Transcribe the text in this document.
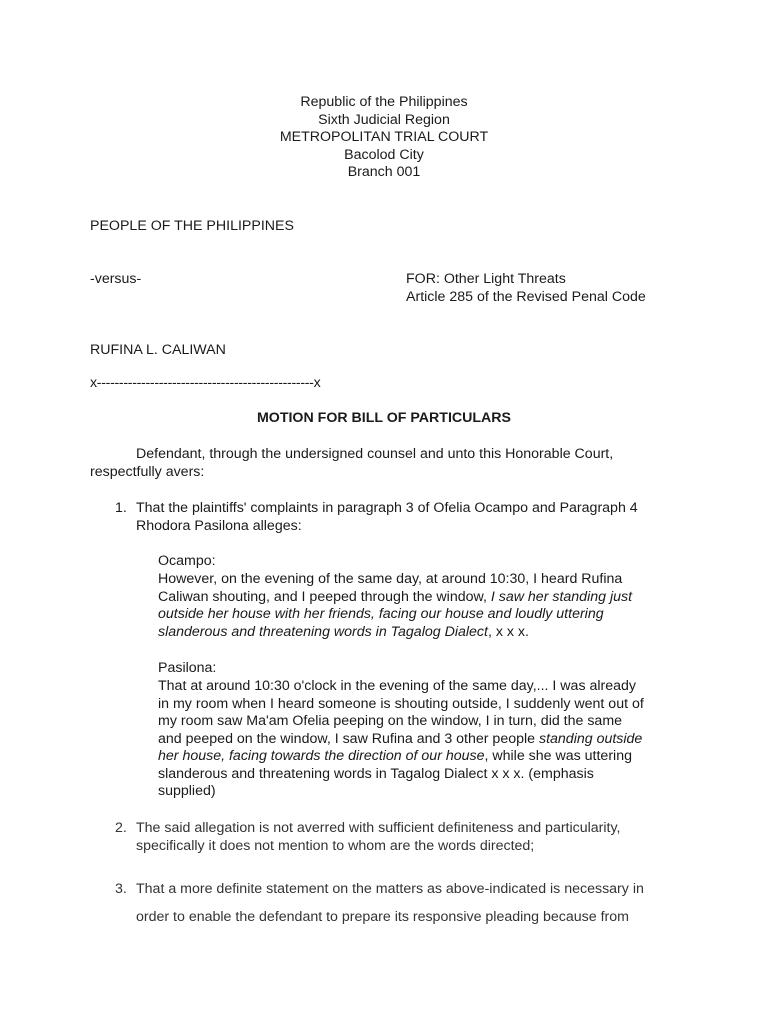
Republic of the Philippines
Sixth Judicial Region
METROPOLITAN TRIAL COURT
Bacolod City
Branch 001
PEOPLE OF THE PHILIPPINES
-versus-	FOR: Other Light Threats
Article 285 of the Revised Penal Code
RUFINA L. CALIWAN
x-------------------------------------------------x
MOTION FOR BILL OF PARTICULARS
Defendant, through the undersigned counsel and unto this Honorable Court,
respectfully avers:
1. That the plaintiffs' complaints in paragraph 3 of Ofelia Ocampo and Paragraph 4
Rhodora Pasilona alleges:
Ocampo:
However, on the evening of the same day, at around 10:30, I heard Rufina
Caliwan shouting, and I peeped through the window, I saw her standing just
outside her house with her friends, facing our house and loudly uttering
slanderous and threatening words in Tagalog Dialect, x x x.
Pasilona:
That at around 10:30 o'clock in the evening of the same day,... I was already
in my room when I heard someone is shouting outside, I suddenly went out of
my room saw Ma'am Ofelia peeping on the window, I in turn, did the same
and peeped on the window, I saw Rufina and 3 other people standing outside
her house, facing towards the direction of our house, while she was uttering
slanderous and threatening words in Tagalog Dialect x x x. (emphasis
supplied)
2. The said allegation is not averred with sufficient definiteness and particularity,
specifically it does not mention to whom are the words directed;
3. That a more definite statement on the matters as above-indicated is necessary in
order to enable the defendant to prepare its responsive pleading because from
